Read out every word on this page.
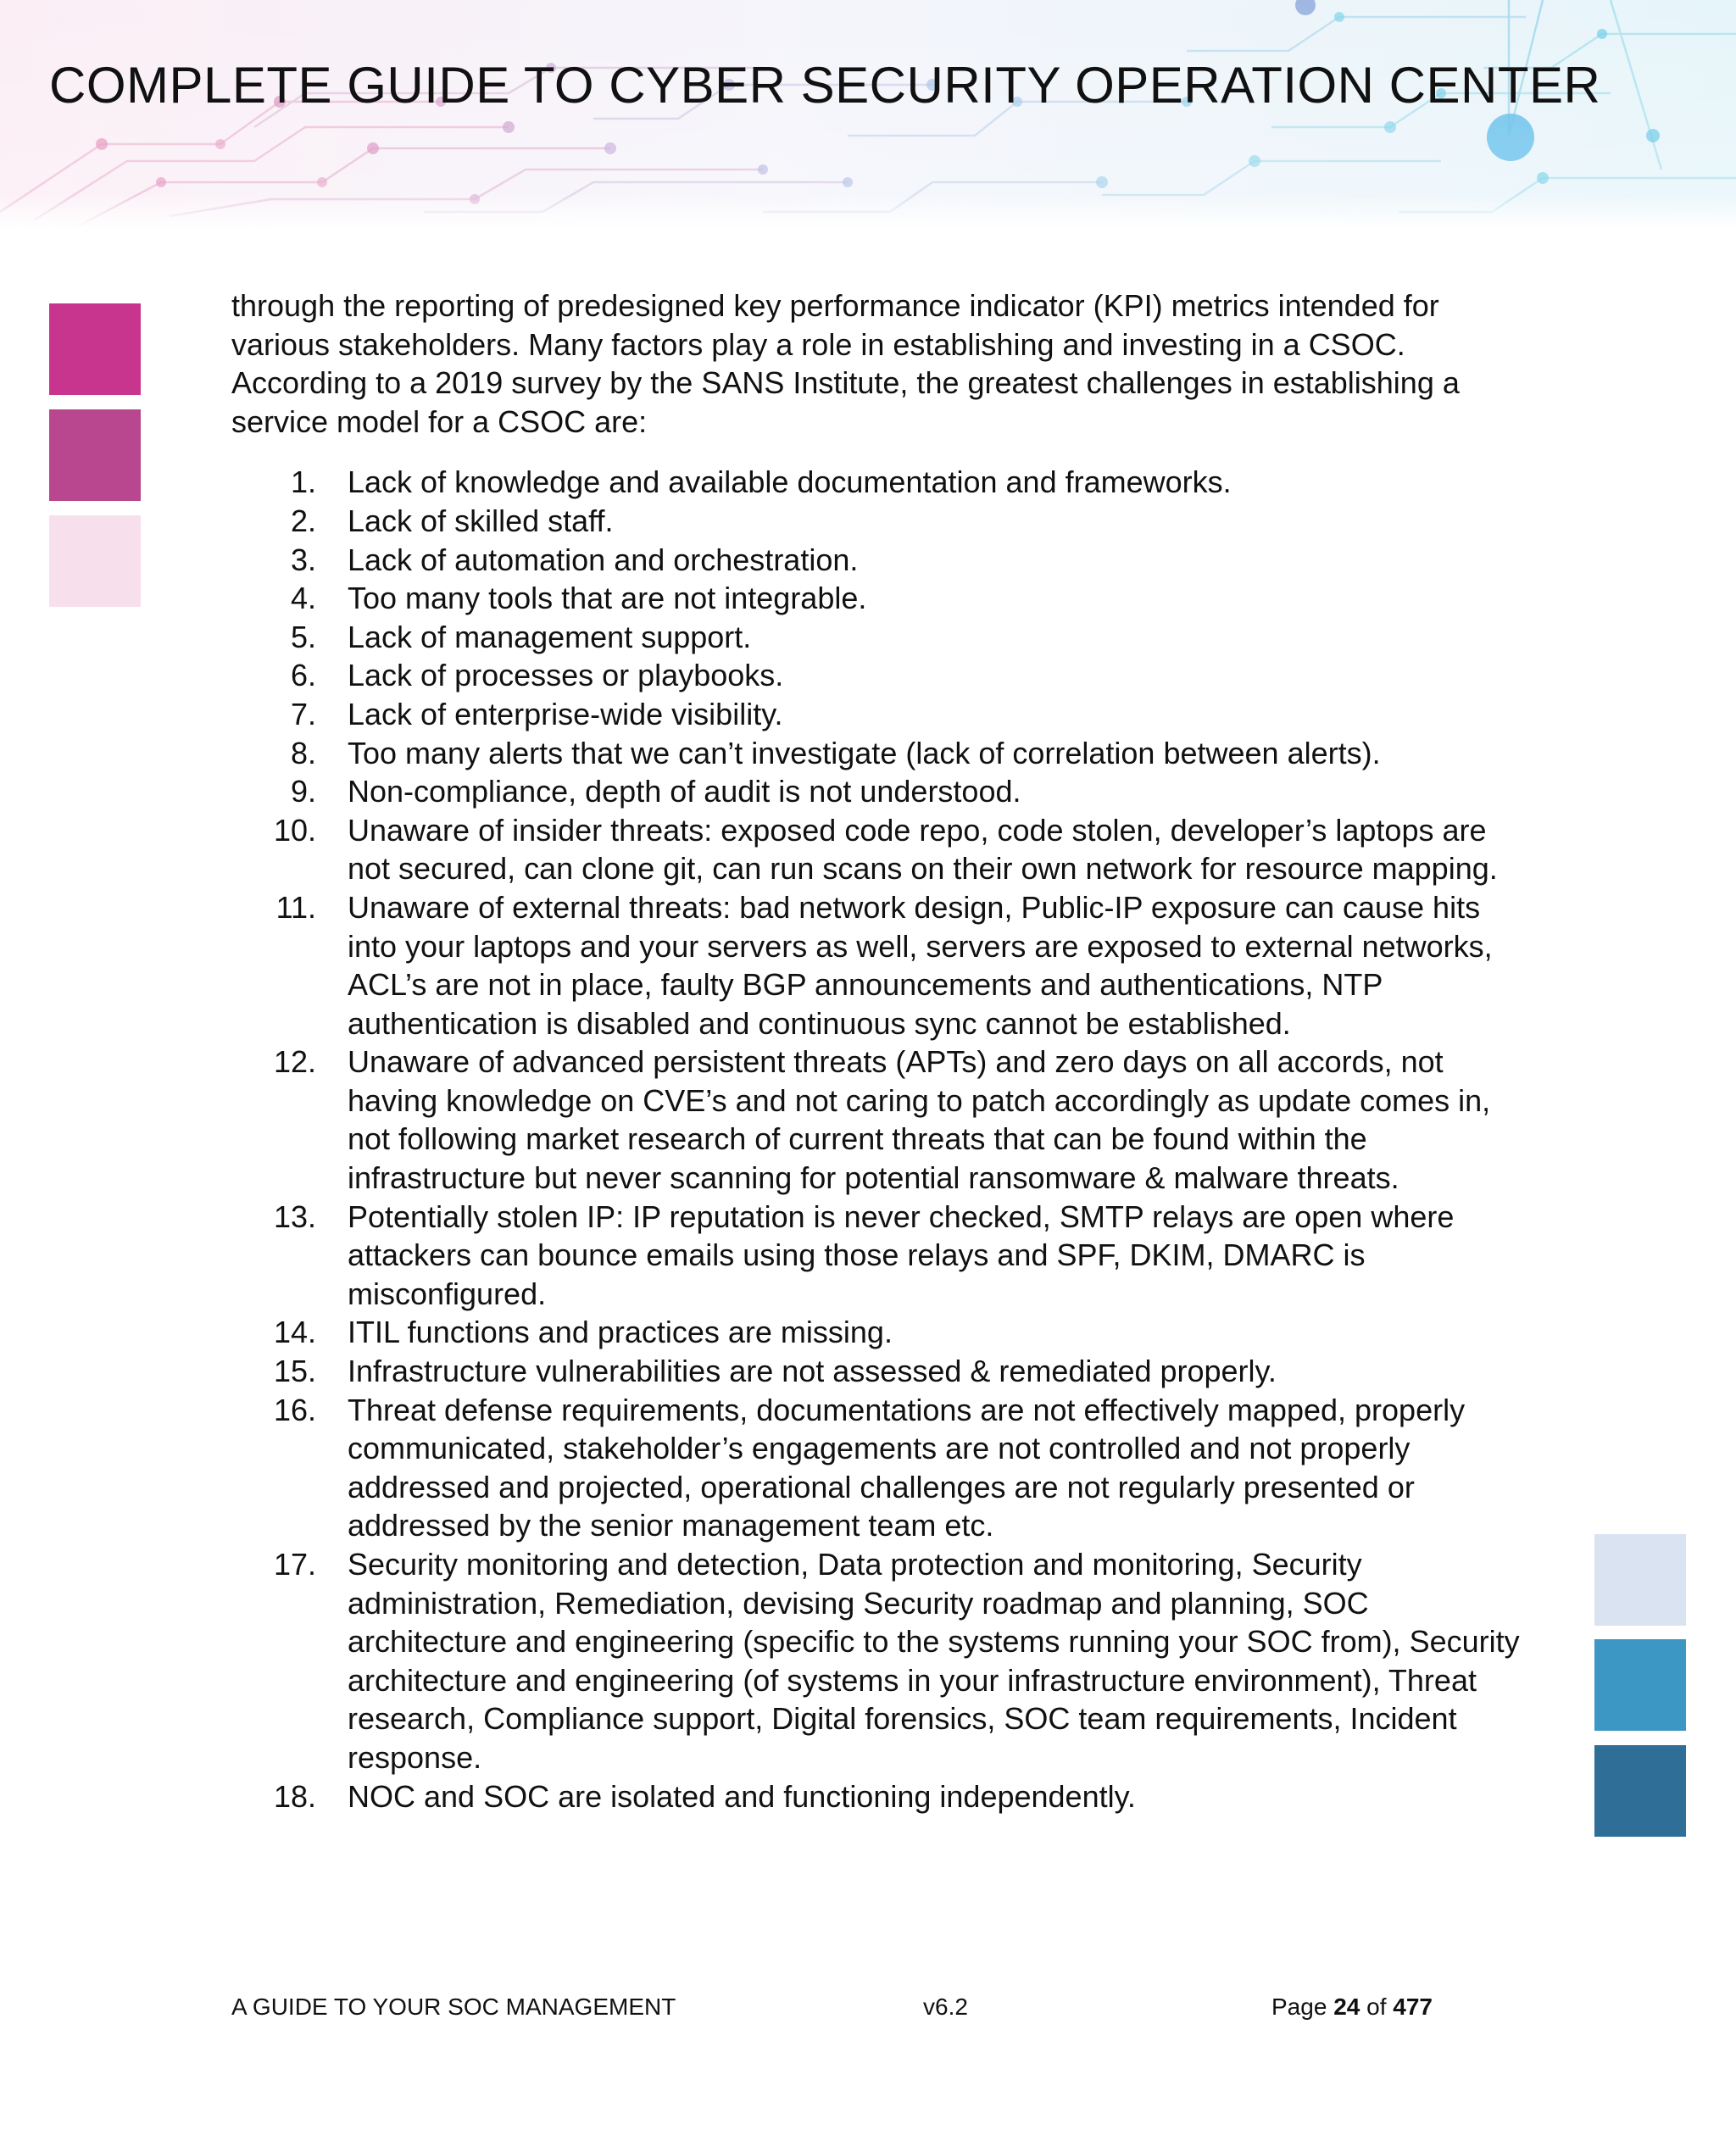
COMPLETE GUIDE TO CYBER SECURITY OPERATION CENTER

through the reporting of predesigned key performance indicator (KPI) metrics intended for various stakeholders. Many factors play a role in establishing and investing in a CSOC. According to a 2019 survey by the SANS Institute, the greatest challenges in establishing a service model for a CSOC are:

1. Lack of knowledge and available documentation and frameworks.
2. Lack of skilled staff.
3. Lack of automation and orchestration.
4. Too many tools that are not integrable.
5. Lack of management support.
6. Lack of processes or playbooks.
7. Lack of enterprise-wide visibility.
8. Too many alerts that we can’t investigate (lack of correlation between alerts).
9. Non-compliance, depth of audit is not understood.
10. Unaware of insider threats: exposed code repo, code stolen, developer’s laptops are not secured, can clone git, can run scans on their own network for resource mapping.
11. Unaware of external threats: bad network design, Public-IP exposure can cause hits into your laptops and your servers as well, servers are exposed to external networks, ACL’s are not in place, faulty BGP announcements and authentications, NTP authentication is disabled and continuous sync cannot be established.
12. Unaware of advanced persistent threats (APTs) and zero days on all accords, not having knowledge on CVE’s and not caring to patch accordingly as update comes in, not following market research of current threats that can be found within the infrastructure but never scanning for potential ransomware & malware threats.
13. Potentially stolen IP: IP reputation is never checked, SMTP relays are open where attackers can bounce emails using those relays and SPF, DKIM, DMARC is misconfigured.
14. ITIL functions and practices are missing.
15. Infrastructure vulnerabilities are not assessed & remediated properly.
16. Threat defense requirements, documentations are not effectively mapped, properly communicated, stakeholder’s engagements are not controlled and not properly addressed and projected, operational challenges are not regularly presented or addressed by the senior management team etc.
17. Security monitoring and detection, Data protection and monitoring, Security administration, Remediation, devising Security roadmap and planning, SOC architecture and engineering (specific to the systems running your SOC from), Security architecture and engineering (of systems in your infrastructure environment), Threat research, Compliance support, Digital forensics, SOC team requirements, Incident response.
18. NOC and SOC are isolated and functioning independently.
A GUIDE TO YOUR SOC MANAGEMENT	v6.2	Page 24 of 477
